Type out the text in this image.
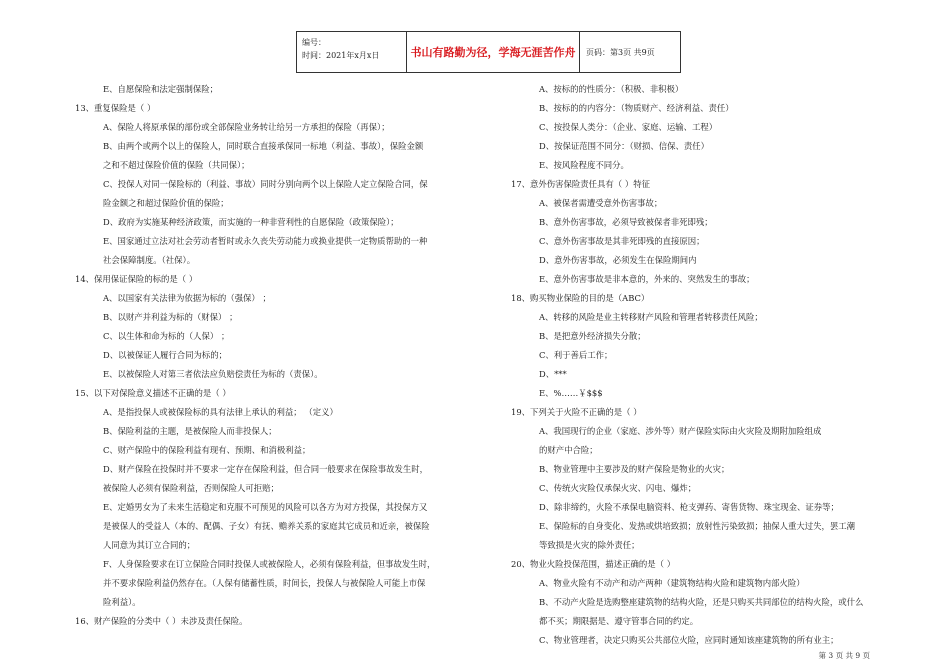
编号：
时间：2021年x月x日	书山有路勤为径，学海无涯苦作舟	页码：第3页 共9页
E、自愿保险和法定强制保险；
13、重复保险是（ ）
A、保险人将原承保的部份或全部保险业务转让给另一方承担的保险（再保）；
B、由两个或两个以上的保险人，同时联合直接承保同一标地（利益、事故），保险金额
之和不超过保险价值的保险（共同保）；
C、投保人对同一保险标的（利益、事故）同时分别向两个以上保险人定立保险合同，保
险金额之和超过保险价值的保险；
D、政府为实施某种经济政策，而实施的一种非营利性的自愿保险（政策保险）；
E、国家通过立法对社会劳动者暂时或永久丧失劳动能力或换业提供一定物质帮助的一种
社会保障制度。（社保）。
14、保用保证保险的标的是（ ）
A、以国家有关法律为依据为标的（强保） ；
B、以财产并利益为标的（财保） ；
C、以生体和命为标的（人保） ；
D、以被保证人履行合同为标的；
E、以被保险人对第三者依法应负赔偿责任为标的（责保）。
15、以下对保险意义描述不正确的是（ ）
A、是指投保人或被保险标的具有法律上承认的利益； （定义）
B、保险利益的主题，是被保险人而非投保人；
C、财产保险中的保险利益有现有、预期、和消极利益；
D、财产保险在投保时并不要求一定存在保险利益，但合同一般要求在保险事故发生时，
被保险人必须有保险利益，否则保险人可拒赔；
E、定婚男女为了未来生活稳定和克服不可预见的风险可以各方为对方投保，其投保方又
是被保人的受益人（本的、配偶、子女）有抚、赡养关系的家庭其它成员和近亲，被保险
人同意为其订立合同的；
F、人身保险要求在订立保险合同时投保人或被保险人，必须有保险利益，但事故发生时，
并不要求保险利益仍然存在。（人保有储蓄性质，时间长，投保人与被保险人可能上市保
险利益）。
16、财产保险的分类中（ ）未涉及责任保险。
A、按标的的性质分：（积极、非积极）
B、按标的的内容分：（物质财产、经济利益、责任）
C、按投保人类分：（企业、家庭、运输、工程）
D、按保证范围不同分：（财损、信保、责任）
E、按风险程度不同分。
17、意外伤害保险责任具有（ ）特征
A、被保者需遭受意外伤害事故；
B、意外伤害事故，必须导致被保者非死即残；
C、意外伤害事故是其非死即残的直接原因；
D、意外伤害事故，必须发生在保险期间内
E、意外伤害事故是非本意的，外来的、突然发生的事故；
18、购买物业保险的目的是（ABC）
A、转移的风险是业主转移财产风险和管理者转移责任风险；
B、是把意外经济损失分散；
C、利于善后工作；
D、***
E、%……￥$$$
19、下列关于火险不正确的是（ ）
A、我国现行的企业（家庭、涉外等）财产保险实际由火灾险及期附加险组成
的财产中合险；
B、物业管理中主要涉及的财产保险是物业的火灾；
C、传统火灾险仅承保火灾、闪电、爆炸；
D、除非缔约，火险不承保电脑资料、枪支弹药、寄售货物、珠宝现金、证券等；
E、保险标的自身变化、发热或烘培致损；放射性污染致损；抽保人重大过失，罢工潮
等致损是火灾的除外责任；
20、物业火险投保范围，描述正确的是（ ）
A、物业火险有不动产和动产两种（建筑物结构火险和建筑物内部火险）
B、不动产火险是选购整座建筑物的结构火险，还是只购买共同部位的结构火险，或什么
都不买；期限据是、遵守管事合同的约定。
C、物业管理者，决定只购买公共部位火险，应同时通知该座建筑物的所有业主；
第 3 页 共 9 页
